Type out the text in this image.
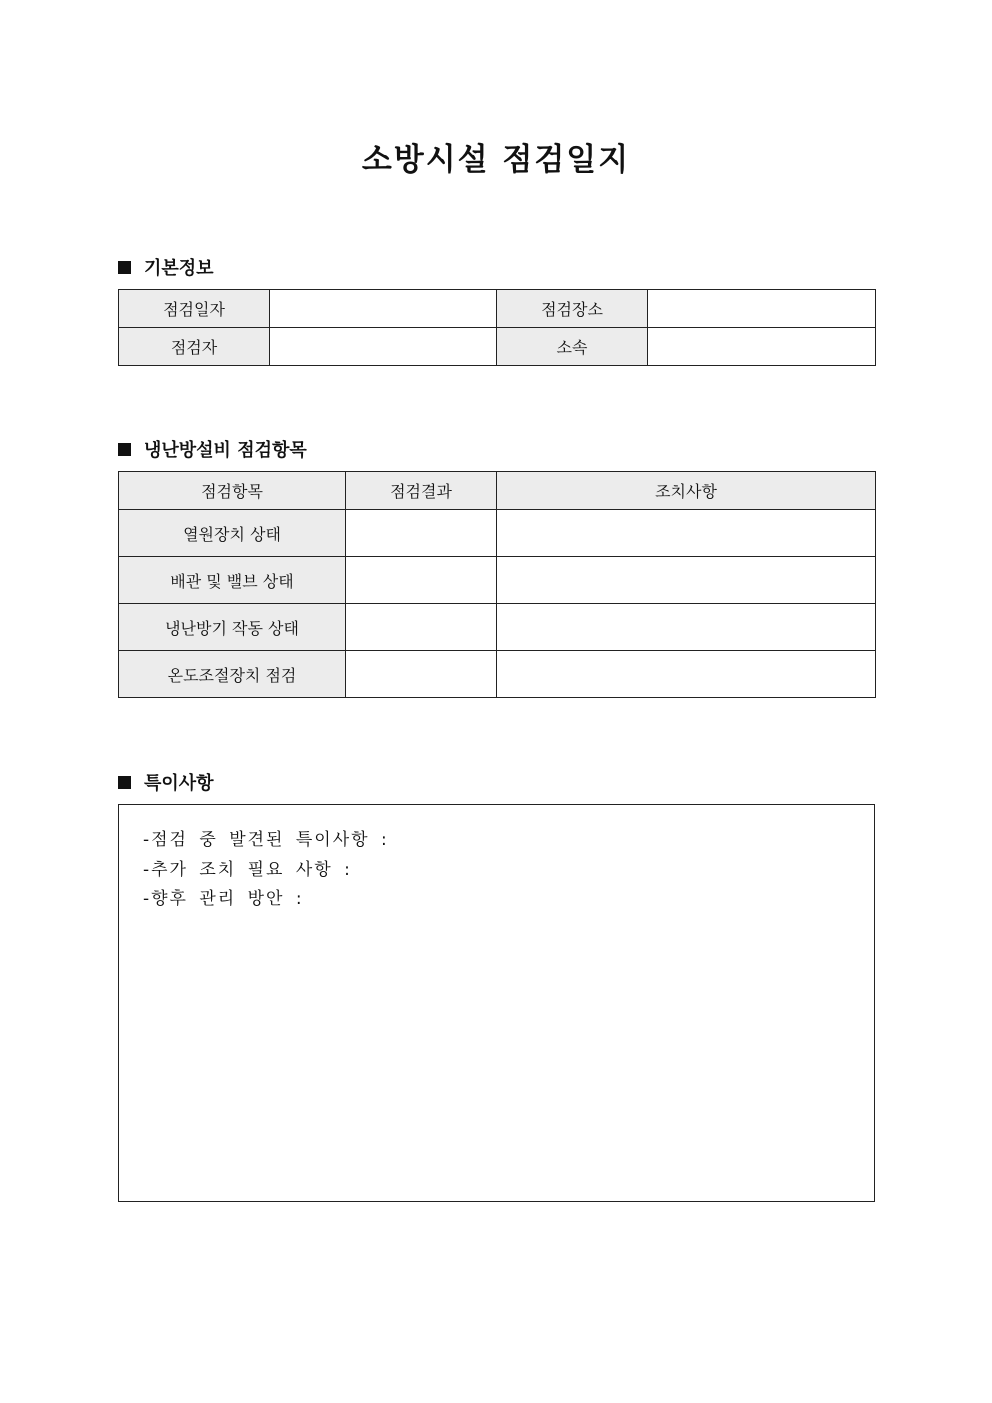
소방시설 점검일지
기본정보
점검일자		점검장소	
점검자		소속	
냉난방설비 점검항목
점검항목	점검결과	조치사항
열원장치 상태		
배관 및 밸브 상태		
냉난방기 작동 상태		
온도조절장치 점검		
특이사항
-점검 중 발견된 특이사항 :
-추가 조치 필요 사항 :
-향후 관리 방안 :
